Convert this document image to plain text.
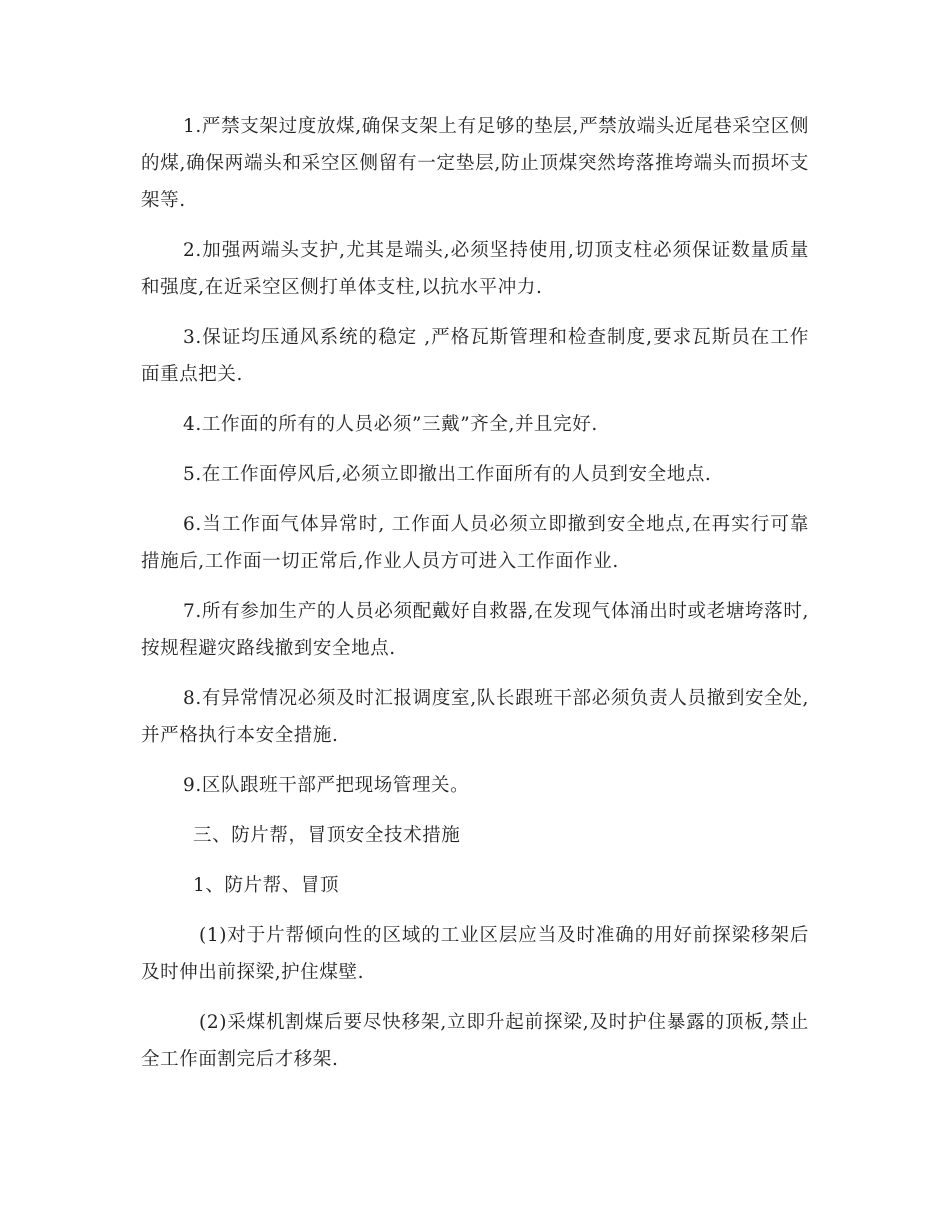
1.严禁支架过度放煤,确保支架上有足够的垫层,严禁放端头近尾巷采空区侧的煤,确保两端头和采空区侧留有一定垫层,防止顶煤突然垮落推垮端头而损坏支架等.

2.加强两端头支护,尤其是端头,必须坚持使用,切顶支柱必须保证数量质量和强度,在近采空区侧打单体支柱,以抗水平冲力.

3.保证均压通风系统的稳定 ,严格瓦斯管理和检查制度,要求瓦斯员在工作面重点把关.

4.工作面的所有的人员必须”三戴”齐全,并且完好.

5.在工作面停风后,必须立即撤出工作面所有的人员到安全地点.

6.当工作面气体异常时, 工作面人员必须立即撤到安全地点,在再实行可靠措施后,工作面一切正常后,作业人员方可进入工作面作业.

7.所有参加生产的人员必须配戴好自救器,在发现气体涌出时或老塘垮落时,按规程避灾路线撤到安全地点.

8.有异常情况必须及时汇报调度室,队长跟班干部必须负责人员撤到安全处,并严格执行本安全措施.

9.区队跟班干部严把现场管理关。

三、防片帮，冒顶安全技术措施

1、防片帮、冒顶

(1)对于片帮倾向性的区域的工业区层应当及时准确的用好前探梁移架后及时伸出前探梁,护住煤壁.

(2)采煤机割煤后要尽快移架,立即升起前探梁,及时护住暴露的顶板,禁止全工作面割完后才移架.
